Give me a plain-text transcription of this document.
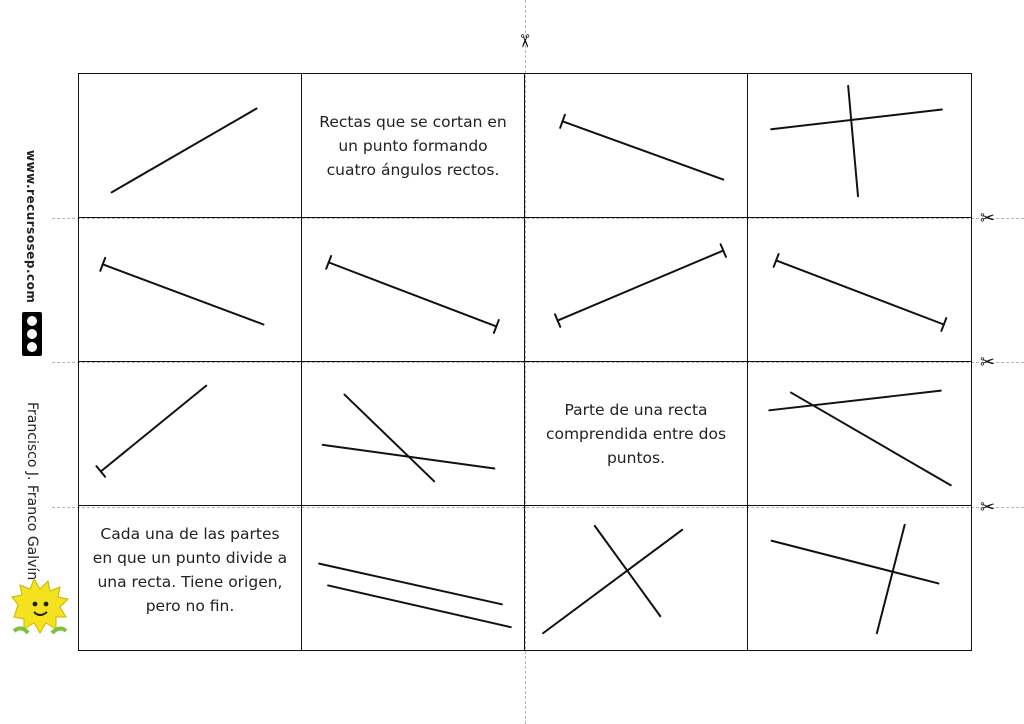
✂
✂
✂
✂
www.recursosep.com
Francisco J. Franco Galvín
Rectas que se cortan en un punto formando cuatro ángulos rectos.
Parte de una recta comprendida entre dos puntos.
Cada una de las partes en que un punto divide a una recta. Tiene origen, pero no fin.
